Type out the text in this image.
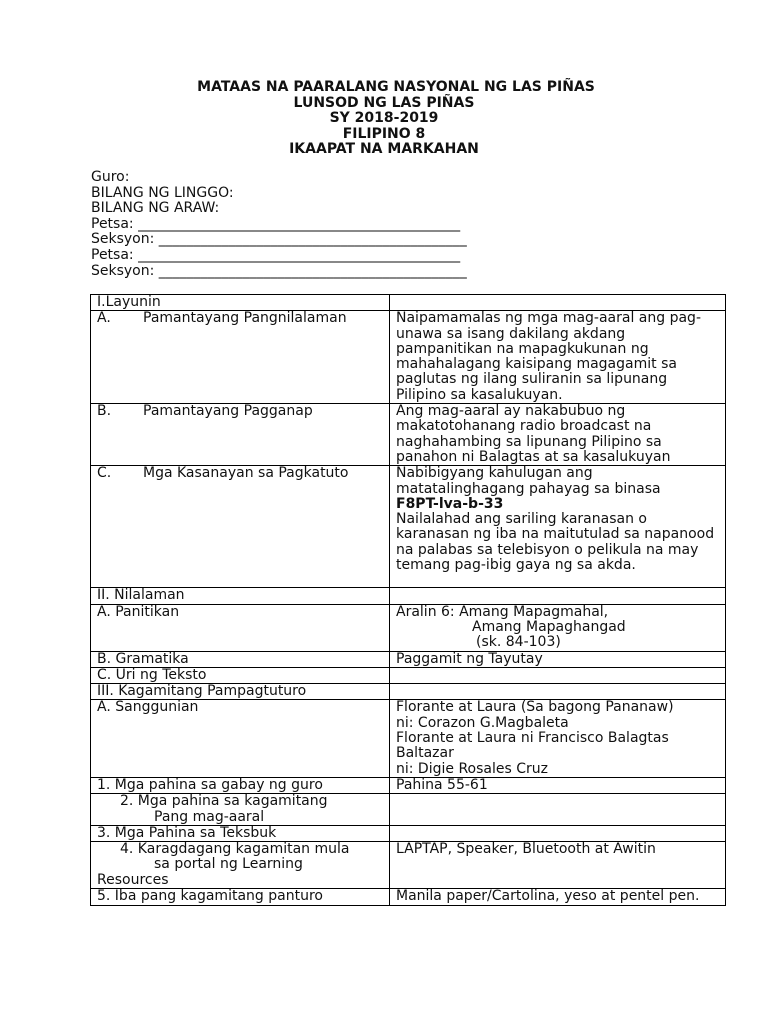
MATAAS NA PAARALANG NASYONAL NG LAS PIÑAS
LUNSOD NG LAS PIÑAS
SY 2018-2019
FILIPINO 8
IKAAPAT NA MARKAHAN
Guro:
BILANG NG LINGGO:
BILANG NG ARAW:
Petsa: ______________________________________________
Seksyon: ____________________________________________
Petsa: ______________________________________________
Seksyon: ____________________________________________
I.Layunin	
A. Pamantayang Pangnilalaman	Naipamamalas ng mga mag-aaral ang pag-unawa sa isang dakilang akdang pampanitikan na mapagkukunan ng mahahalagang kaisipang magagamit sa paglutas ng ilang suliranin sa lipunang Pilipino sa kasalukuyan.
B. Pamantayang Pagganap	Ang mag-aaral ay nakabubuo ng makatotohanang radio broadcast na naghahambing sa lipunang Pilipino sa panahon ni Balagtas at sa kasalukuyan
C. Mga Kasanayan sa Pagkatuto	Nabibigyang kahulugan ang matatalinghagang pahayag sa binasa
F8PT-lva-b-33
Nailalahad ang sariling karanasan o karanasan ng iba na maitutulad sa napanood na palabas sa telebisyon o pelikula na may temang pag-ibig gaya ng sa akda.

II. Nilalaman	
A. Panitikan	Aralin 6: Amang Mapagmahal,
Amang Mapaghangad
(sk. 84-103)

B. Gramatika	Paggamit ng Tayutay
C. Uri ng Teksto	
III. Kagamitang Pampagtuturo	
A. Sanggunian	Florante at Laura (Sa bagong Pananaw)
ni: Corazon G.Magbaleta
Florante at Laura ni Francisco Balagtas Baltazar
ni: Digie Rosales Cruz

1. Mga pahina sa gabay ng guro	Pahina 55-61

2. Mga pahina sa kagamitang
Pang mag-aaral	

3. Mga Pahina sa Teksbuk	

4. Karagdagang kagamitan mula
sa portal ng Learning
Resources	LAPTAP, Speaker, Bluetooth at Awitin
5. Iba pang kagamitang panturo	Manila paper/Cartolina, yeso at pentel pen.
